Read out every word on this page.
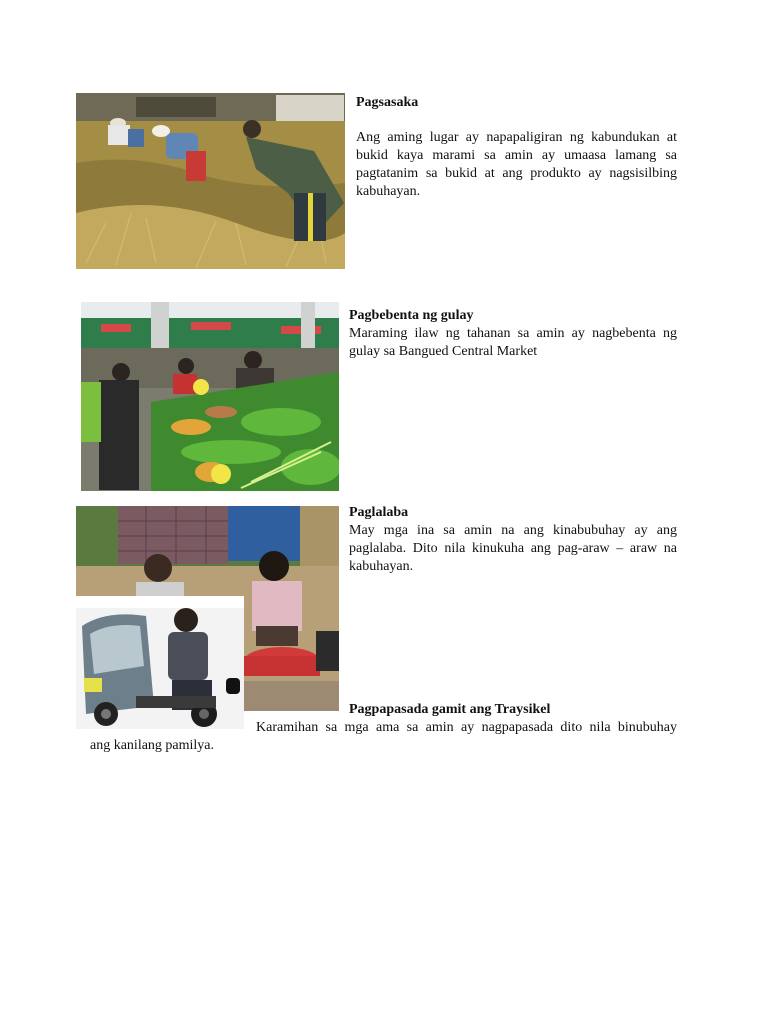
Pagsasaka
Ang aming lugar ay napapaligiran ng kabundukan at bukid kaya marami sa amin ay umaasa lamang sa pagtatanim sa bukid at ang produkto ay nagsisilbing kabuhayan.
Pagbebenta ng gulay
Maraming ilaw ng tahanan sa amin ay nagbebenta ng gulay sa Bangued Central Market
Paglalaba
May mga ina sa amin na ang kinabubuhay ay ang paglalaba. Dito nila kinukuha ang pag-araw – araw na kabuhayan.
Pagpapasada gamit ang Traysikel
Karamihan sa mga ama sa amin ay nagpapasada dito nila binubuhay
ang kanilang pamilya.
